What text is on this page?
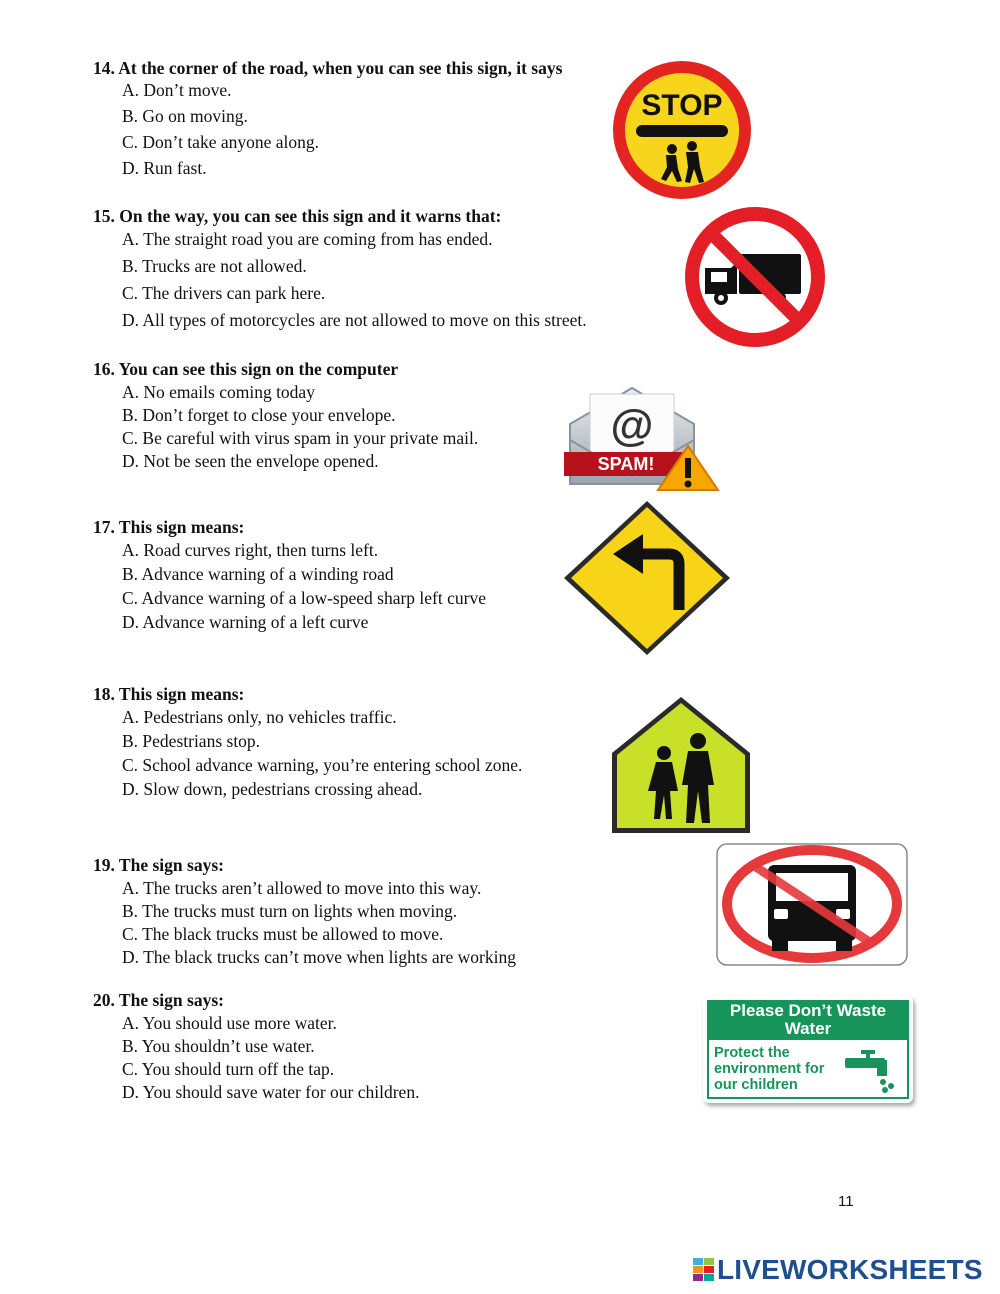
14. At the corner of the road, when you can see this sign, it says

A. Don’t move.

B. Go on moving.

C. Don’t take anyone along.

D. Run fast.

15. On the way, you can see this sign and it warns that:

A. The straight road you are coming from has ended.

B. Trucks are not allowed.

C. The drivers can park here.

D. All types of motorcycles are not allowed to move on this street.

16. You can see this sign on the computer

A. No emails coming today

B. Don’t forget to close your envelope.

C. Be careful with virus spam in your private mail.

D. Not be seen the envelope opened.

17. This sign means:

A. Road curves right, then turns left.

B. Advance warning of a winding road

C. Advance warning of a low-speed sharp left curve

D. Advance warning of a left curve

18. This sign means:

A. Pedestrians only, no vehicles traffic.

B. Pedestrians stop.

C. School advance warning, you’re entering school zone.

D. Slow down, pedestrians crossing ahead.

19. The sign says:

A. The trucks aren’t allowed to move into this way.

B. The trucks must turn on lights when moving.

C. The black trucks must be allowed to move.

D. The black trucks can’t move when lights are working

20. The sign says:

A. You should use more water.

B. You shouldn’t use water.

C. You should turn off the tap.

D. You should save water for our children.

STOP
@
SPAM!
Please Don’t Waste Water
Protect the environment for our children
11
LIVEWORKSHEETS
